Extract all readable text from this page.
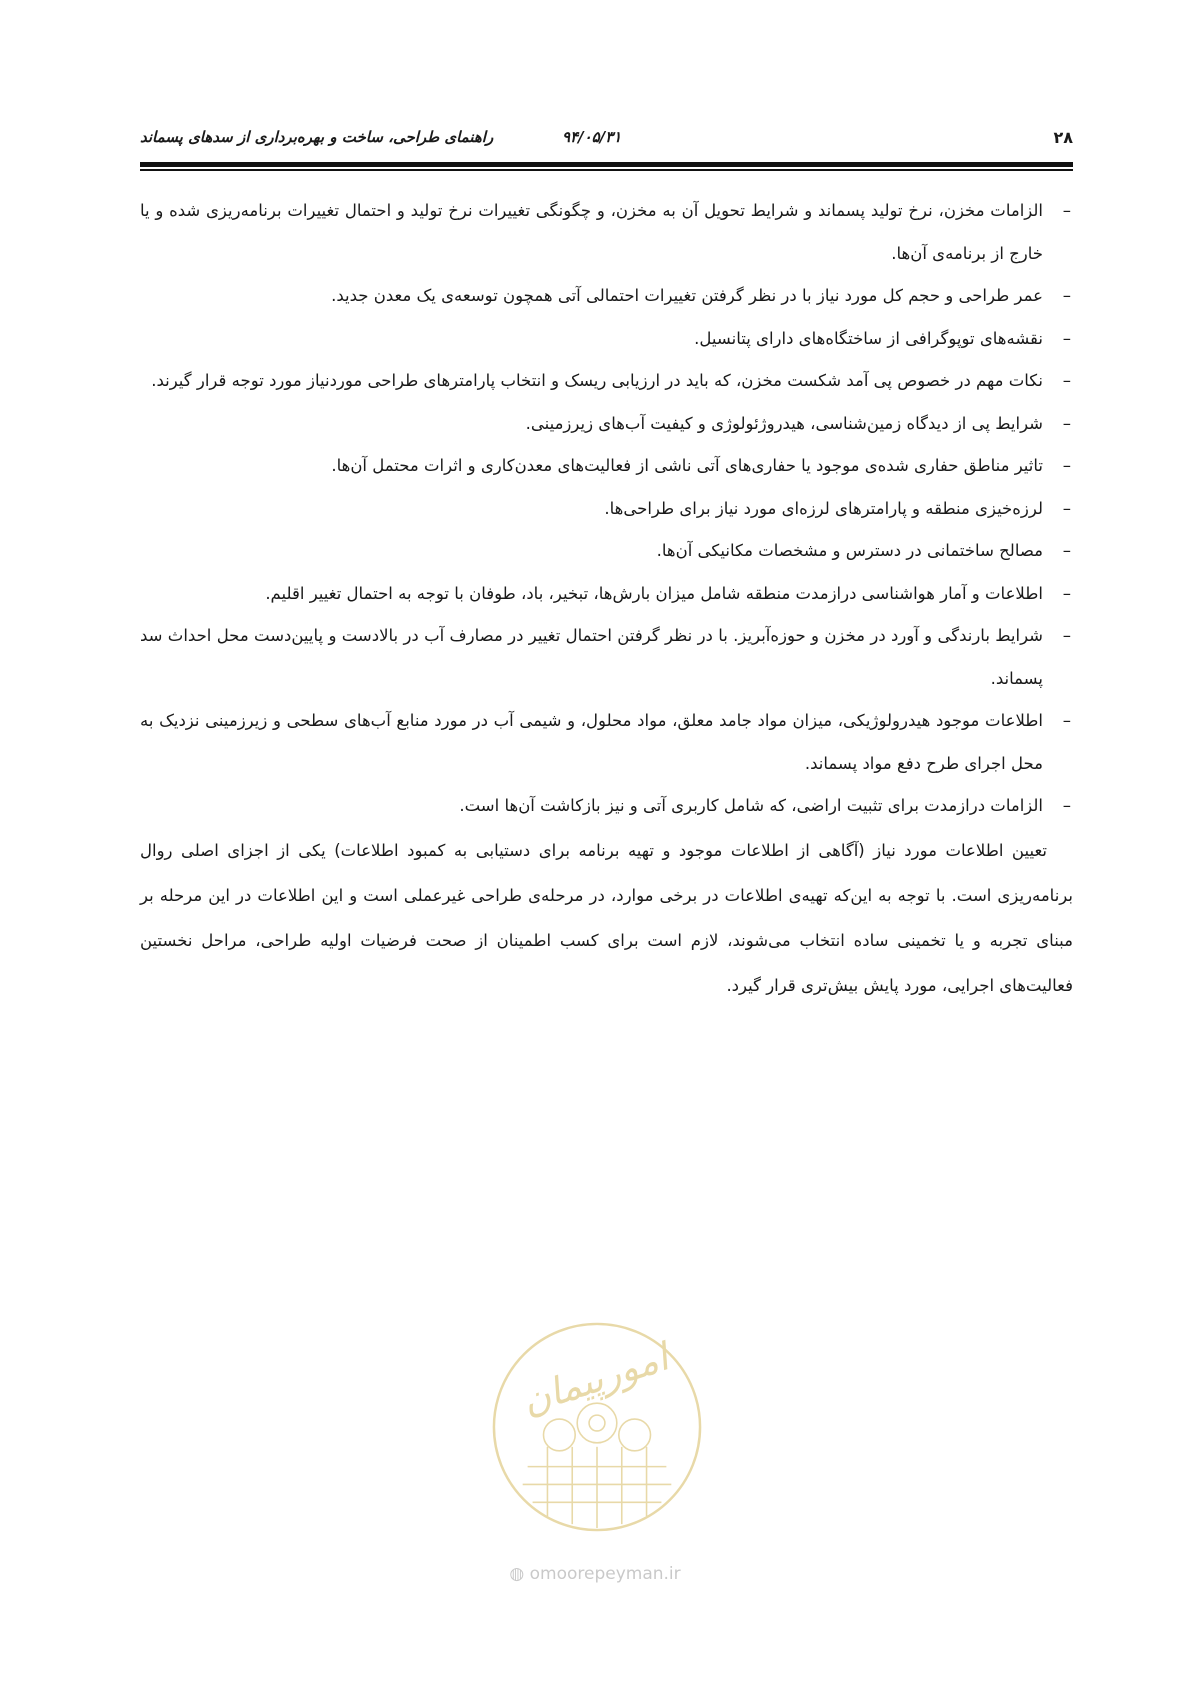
۲۸
۹۴/۰۵/۳۱
راهنمای طراحی، ساخت و بهره‌برداری از سدهای پسماند
–
الزامات مخزن، نرخ تولید پسماند و شرایط تحویل آن به مخزن، و چگونگی تغییرات نرخ تولید و احتمال تغییرات برنامه‌ریزی شده و یا خارج از برنامه‌ی آن‌ها.
–
عمر طراحی و حجم کل مورد نیاز با در نظر گرفتن تغییرات احتمالی آتی همچون توسعه‌ی یک معدن جدید.
–
نقشه‌های توپوگرافی از ساختگاه‌های دارای پتانسیل.
–
نکات مهم در خصوص پی آمد شکست مخزن، که باید در ارزیابی ریسک و انتخاب پارامترهای طراحی موردنیاز مورد توجه قرار گیرند.
–
شرایط پی از دیدگاه زمین‌شناسی، هیدروژئولوژی و کیفیت آب‌های زیرزمینی.
–
تاثیر مناطق حفاری شده‌ی موجود یا حفاری‌های آتی ناشی از فعالیت‌های معدن‌کاری و اثرات محتمل آن‌ها.
–
لرزه‌خیزی منطقه و پارامترهای لرزه‌ای مورد نیاز برای طراحی‌ها.
–
مصالح ساختمانی در دسترس و مشخصات مکانیکی آن‌ها.
–
اطلاعات و آمار هواشناسی درازمدت منطقه شامل میزان بارش‌ها، تبخیر، باد، طوفان با توجه به احتمال تغییر اقلیم.
–
شرایط بارندگی و آورد در مخزن و حوزه‌آبریز. با در نظر گرفتن احتمال تغییر در مصارف آب در بالادست و پایین‌دست محل احداث سد پسماند.
–
اطلاعات موجود هیدرولوژیکی، میزان مواد جامد معلق، مواد محلول، و شیمی آب در مورد منابع آب‌های سطحی و زیرزمینی نزدیک به محل اجرای طرح دفع مواد پسماند.
–
الزامات درازمدت برای تثبیت اراضی، که شامل کاربری آتی و نیز بازکاشت آن‌ها است.

تعیین اطلاعات مورد نیاز (آگاهی از اطلاعات موجود و تهیه برنامه برای دستیابی به کمبود اطلاعات) یکی از اجزای اصلی روال برنامه‌ریزی است. با توجه به این‌که تهیه‌ی اطلاعات در برخی موارد، در مرحله‌ی طراحی غیرعملی است و این اطلاعات در این مرحله بر مبنای تجربه و یا تخمینی ساده انتخاب می‌شوند، لازم است برای کسب اطمینان از صحت فرضیات اولیه طراحی، مراحل نخستین فعالیت‌های اجرایی، مورد پایش بیش‌تری قرار گیرد.

امورپیمان
◍ omoorepeyman.ir
